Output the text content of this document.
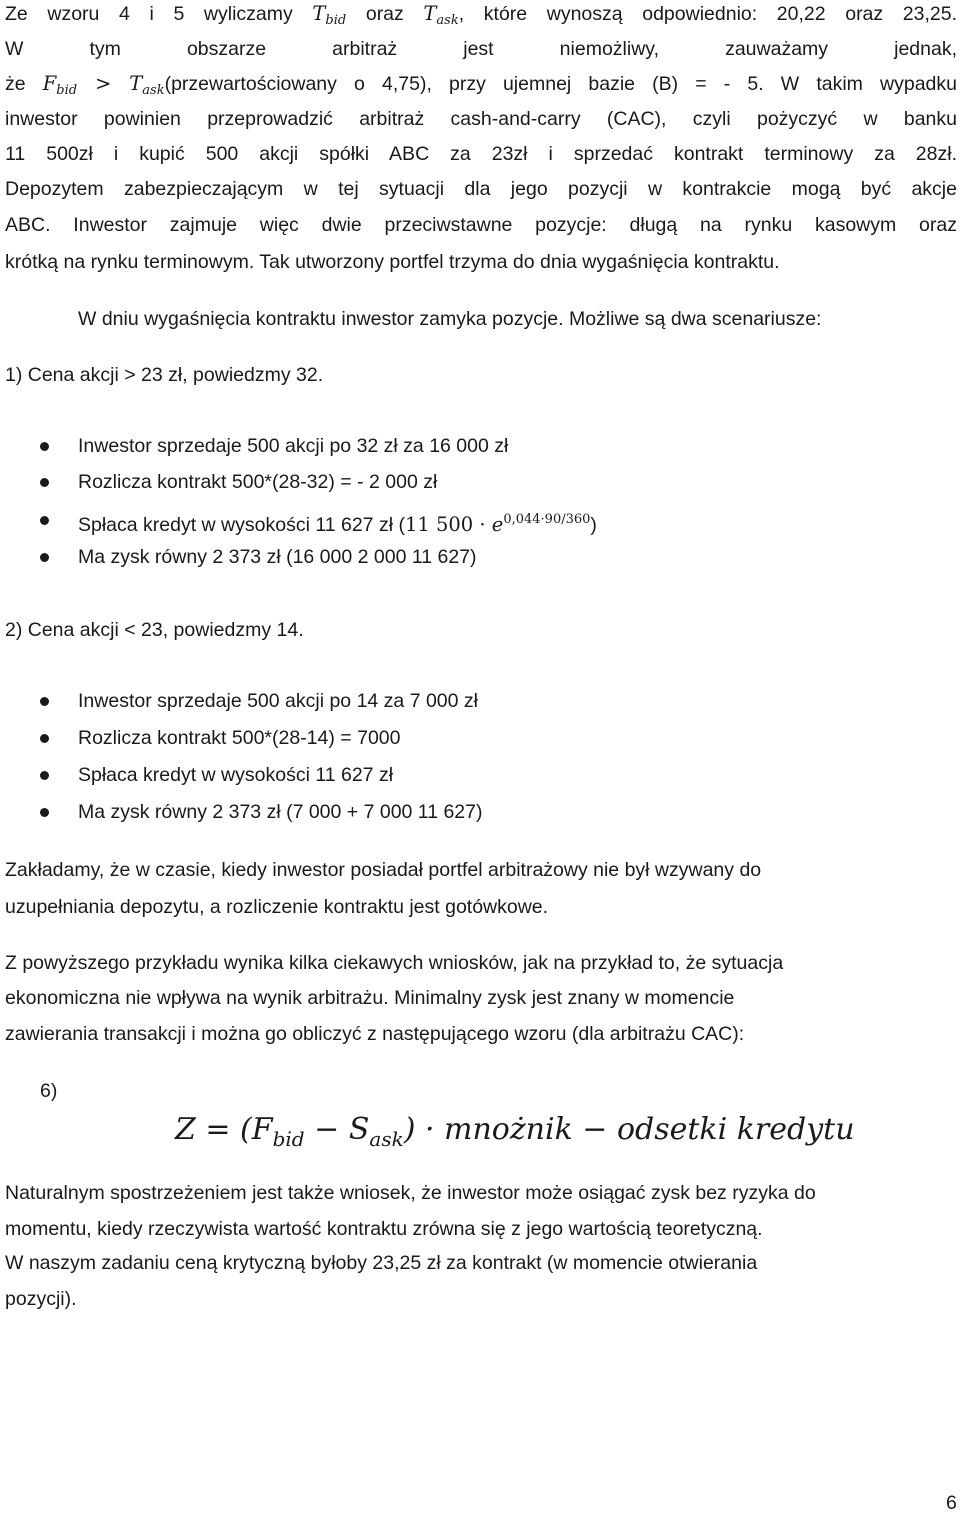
Ze wzoru 4 i 5 wyliczamy $T_{bid}$ oraz $T_{ask}$, które wynoszą odpowiednio: 20,22 oraz 23,25.
W tym obszarze arbitraż jest niemożliwy, zauważamy jednak,
że $F_{bid}$ > $T_{ask}(przewartościowany$ o 4,75), przy ujemnej bazie (B) = - 5. W takim wypadku
inwestor powinien przeprowadzić arbitraż cash-and-carry (CAC), czyli pożyczyć w banku
11 500zł i kupić 500 akcji spółki ABC za 23zł i sprzedać kontrakt terminowy za 28zł.
Depozytem zabezpieczającym w tej sytuacji dla jego pozycji w kontrakcie mogą być akcje
ABC. Inwestor zajmuje więc dwie przeciwstawne pozycje: długą na rynku kasowym oraz
krótką na rynku terminowym. Tak utworzony portfel trzyma do dnia wygaśnięcia kontraktu.
W dniu wygaśnięcia kontraktu inwestor zamyka pozycje. Możliwe są dwa scenariusze:
1) Cena akcji > 23 zł, powiedzmy 32.
Inwestor sprzedaje 500 akcji po 32 zł za 16 000 zł
Rozlicza kontrakt 500*(28-32) = - 2 000 zł
Spłaca kredyt w wysokości 11 627 zł (11 $500 \cdot e^{0,044\cdot 90/360}$)
Ma zysk równy 2 373 zł (16 000 2 000 11 627)
2) Cena akcji < 23, powiedzmy 14.
Inwestor sprzedaje 500 akcji po 14 za 7 000 zł
Rozlicza kontrakt 500*(28-14) = 7000
Spłaca kredyt w wysokości 11 627 zł
Ma zysk równy 2 373 zł (7 000 + 7 000 11 627)
Zakładamy, że w czasie, kiedy inwestor posiadał portfel arbitrażowy nie był wzywany do
uzupełniania depozytu, a rozliczenie kontraktu jest gotówkowe.
Z powyższego przykładu wynika kilka ciekawych wniosków, jak na przykład to, że sytuacja
ekonomiczna nie wpływa na wynik arbitrażu. Minimalny zysk jest znany w momencie
zawierania transakcji i można go obliczyć z następującego wzoru (dla arbitrażu CAC):
6)
$Z = (F_{bid} - S_{ask})$ · mnożnik − odsetki kredytu
Naturalnym spostrzeżeniem jest także wniosek, że inwestor może osiągać zysk bez ryzyka do
momentu, kiedy rzeczywista wartość kontraktu zrówna się z jego wartością teoretyczną.
W naszym zadaniu ceną krytyczną byłoby 23,25 zł za kontrakt (w momencie otwierania
pozycji).
6
